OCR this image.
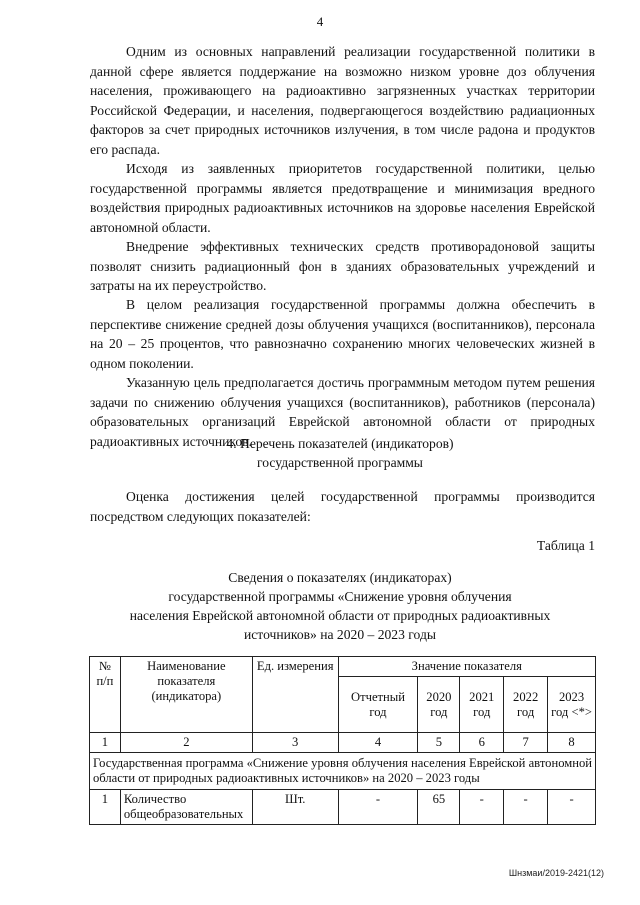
4
Одним из основных направлений реализации государственной политики в данной сфере является поддержание на возможно низком уровне доз облучения населения, проживающего на радиоактивно загрязненных участках территории Российской Федерации, и населения, подвергающегося воздействию радиационных факторов за счет природных источников излучения, в том числе радона и продуктов его распада.
Исходя из заявленных приоритетов государственной политики, целью государственной программы является предотвращение и минимизация вредного воздействия природных радиоактивных источников на здоровье населения Еврейской автономной области.
Внедрение эффективных технических средств противорадоновой защиты позволят снизить радиационный фон в зданиях образовательных учреждений и затраты на их переустройство.
В целом реализация государственной программы должна обеспечить в перспективе снижение средней дозы облучения учащихся (воспитанников), персонала на 20 – 25 процентов, что равнозначно сохранению многих человеческих жизней в одном поколении.
Указанную цель предполагается достичь программным методом путем решения задачи по снижению облучения учащихся (воспитанников), работников (персонала) образовательных организаций Еврейской автономной области от природных радиоактивных источников.
4. Перечень показателей (индикаторов)
государственной программы
Оценка достижения целей государственной программы производится посредством следующих показателей:
Таблица 1
Сведения о показателях (индикаторах)
государственной программы «Снижение уровня облучения
населения Еврейской автономной области от природных радиоактивных
источников» на 2020 – 2023 годы
№ п/п	Наименование показателя (индикатора)	Ед. измерения	Значение показателя				
			Отчетный год	2020 год	2021 год	2022 год	2023 год <*>
1	2	3	4	5	6	7	8
Государственная программа «Снижение уровня облучения населения Еврейской автономной области от природных радиоактивных источников» на 2020 – 2023 годы							
1	Количество общеобразовательных	Шт.	-	65	-	-	-
Шнзмаи/2019-2421(12)
